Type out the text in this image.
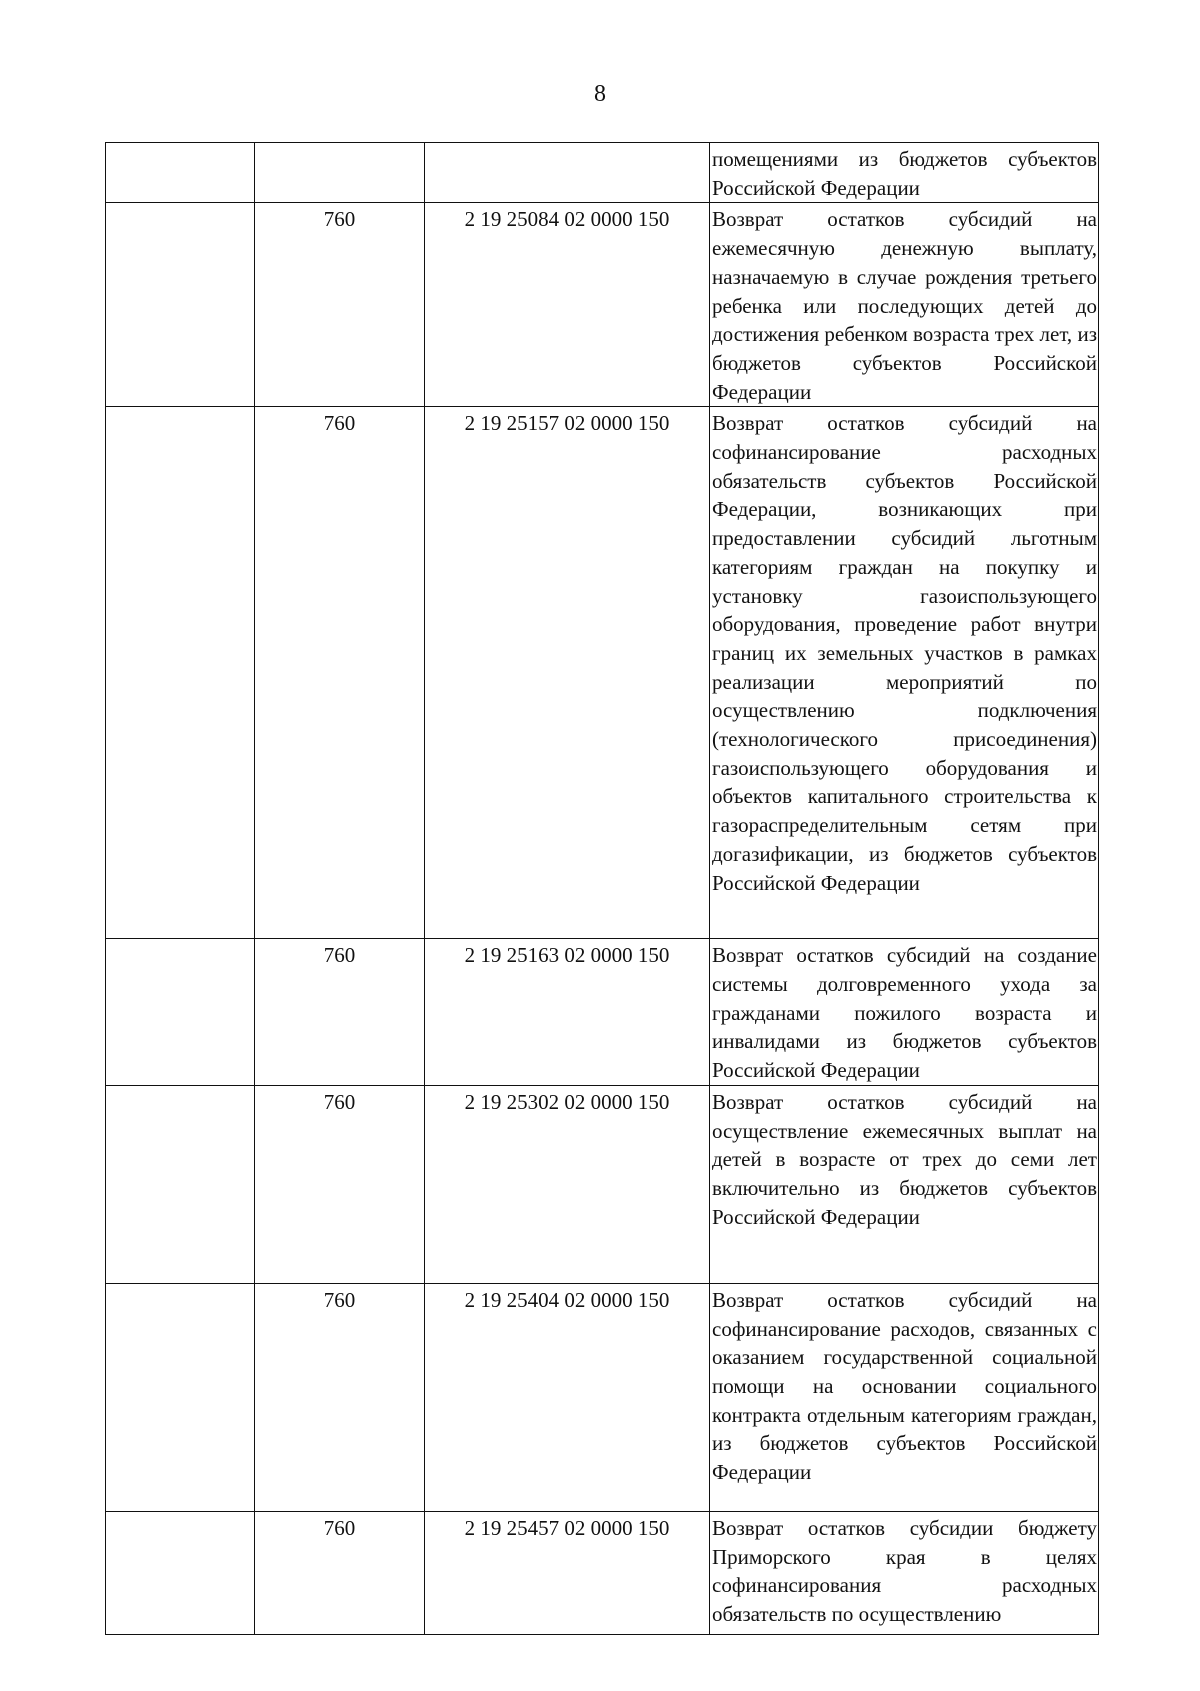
8
			помещениями из бюджетов субъектов Российской Федерации
	760	2 19 25084 02 0000 150	Возврат остатков субсидий на ежемесячную денежную выплату, назначаемую в случае рождения третьего ребенка или последующих детей до достижения ребенком возраста трех лет, из бюджетов субъектов Российской Федерации
	760	2 19 25157 02 0000 150	Возврат остатков субсидий на софинансирование расходных обязательств субъектов Российской Федерации, возникающих при предоставлении субсидий льготным категориям граждан на покупку и установку газоиспользующего оборудования, проведение работ внутри границ их земельных участков в рамках реализации мероприятий по осуществлению подключения (технологического присоединения) газоиспользующего оборудования и объектов капитального строительства к газораспределительным сетям при догазификации, из бюджетов субъектов Российской Федерации
	760	2 19 25163 02 0000 150	Возврат остатков субсидий на создание системы долговременного ухода за гражданами пожилого возраста и инвалидами из бюджетов субъектов Российской Федерации
	760	2 19 25302 02 0000 150	Возврат остатков субсидий на осуществление ежемесячных выплат на детей в возрасте от трех до семи лет включительно из бюджетов субъектов Российской Федерации
	760	2 19 25404 02 0000 150	Возврат остатков субсидий на софинансирование расходов, связанных с оказанием государственной социальной помощи на основании социального контракта отдельным категориям граждан, из бюджетов субъектов Российской Федерации
	760	2 19 25457 02 0000 150	Возврат остатков субсидии бюджету Приморского края в целях софинансирования расходных обязательств по осуществлению
